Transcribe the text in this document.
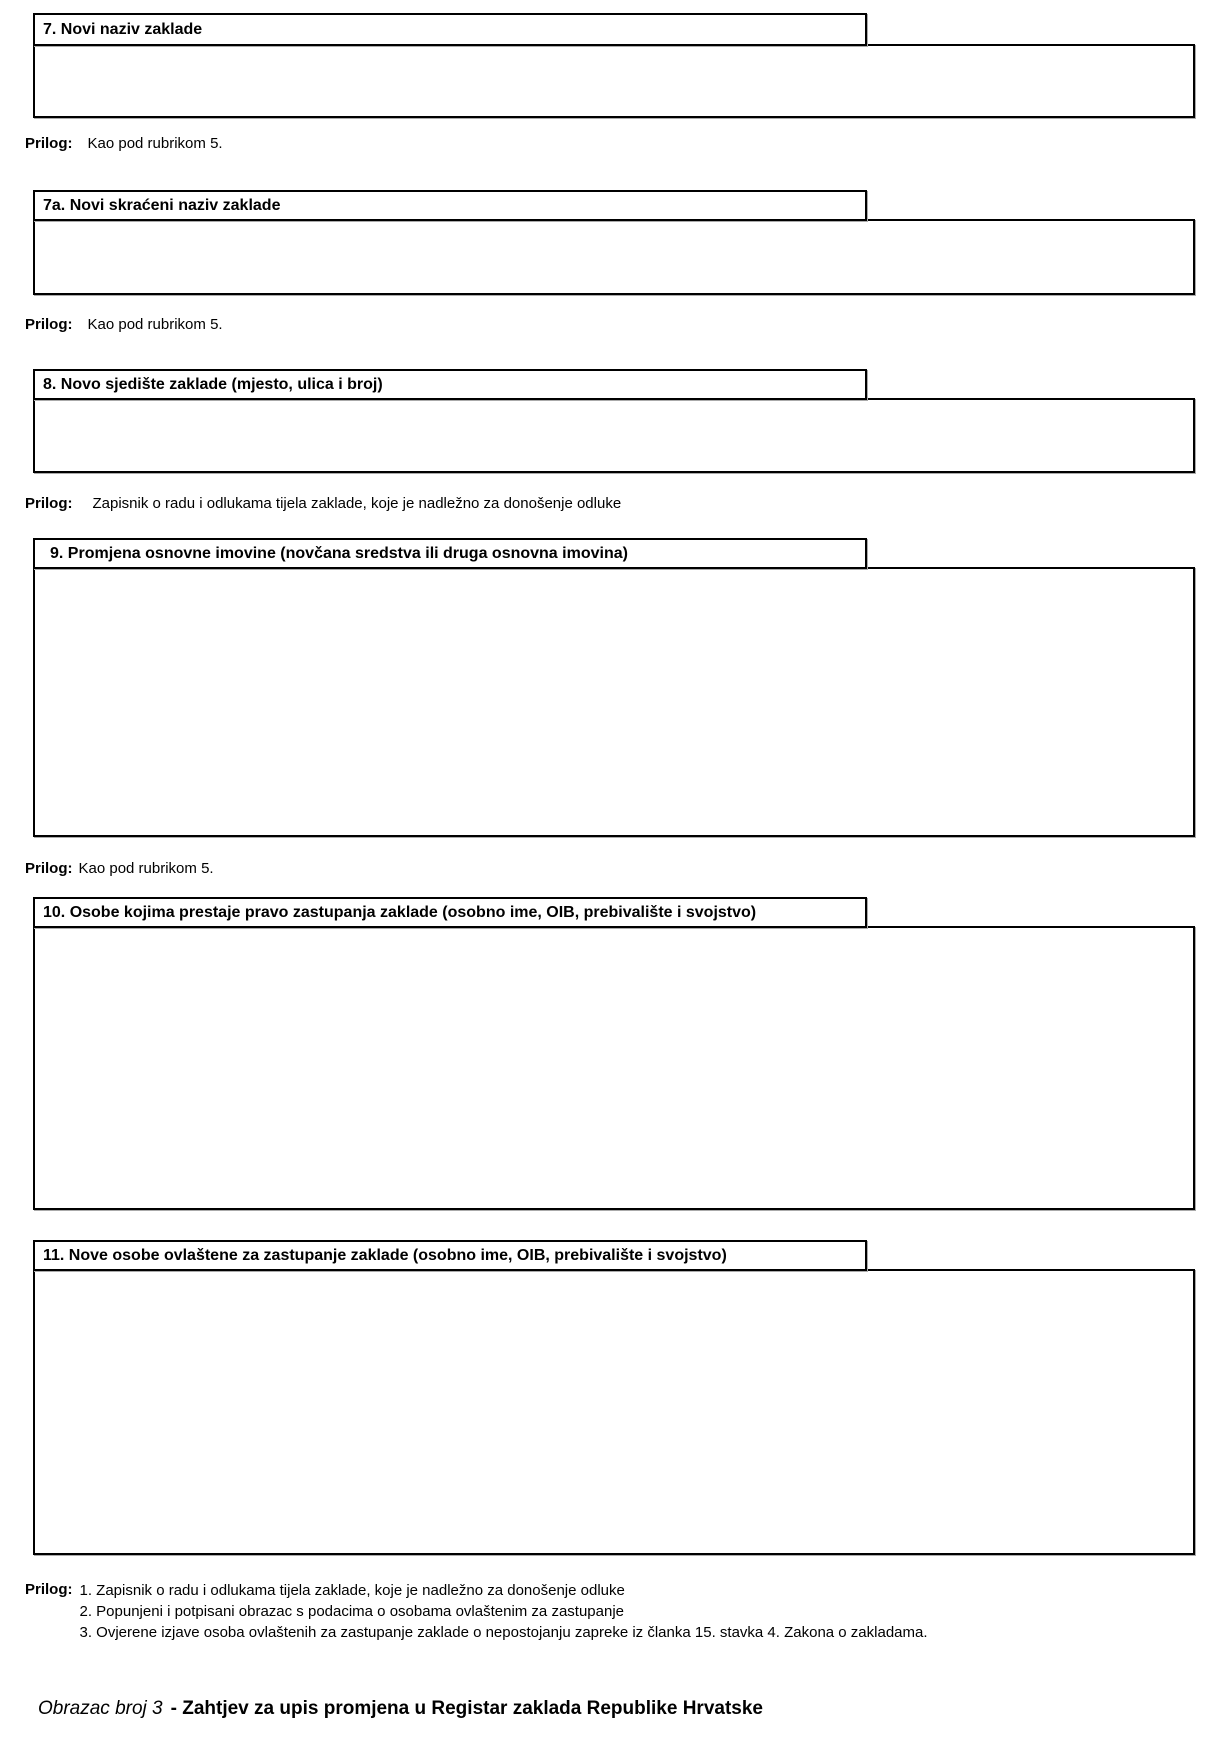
7. Novi naziv zaklade
Prilog: Kao pod rubrikom 5.
7a. Novi skraćeni naziv zaklade
Prilog: Kao pod rubrikom 5.
8. Novo sjedište zaklade (mjesto, ulica i broj)
Prilog: Zapisnik o radu i odlukama tijela zaklade, koje je nadležno za donošenje odluke
9. Promjena osnovne imovine (novčana sredstva ili druga osnovna imovina)
Prilog: Kao pod rubrikom 5.
10. Osobe kojima prestaje pravo zastupanja zaklade (osobno ime, OIB, prebivalište i svojstvo)
11. Nove osobe ovlaštene za zastupanje zaklade (osobno ime, OIB, prebivalište i svojstvo)
Prilog: 1. Zapisnik o radu i odlukama tijela zaklade, koje je nadležno za donošenje odluke
2. Popunjeni i potpisani obrazac s podacima o osobama ovlaštenim za zastupanje
3. Ovjerene izjave osoba ovlaštenih za zastupanje zaklade o nepostojanju zapreke iz članka 15. stavka 4. Zakona o zakladama.
Obrazac broj 3 - Zahtjev za upis promjena u Registar zaklada Republike Hrvatske
